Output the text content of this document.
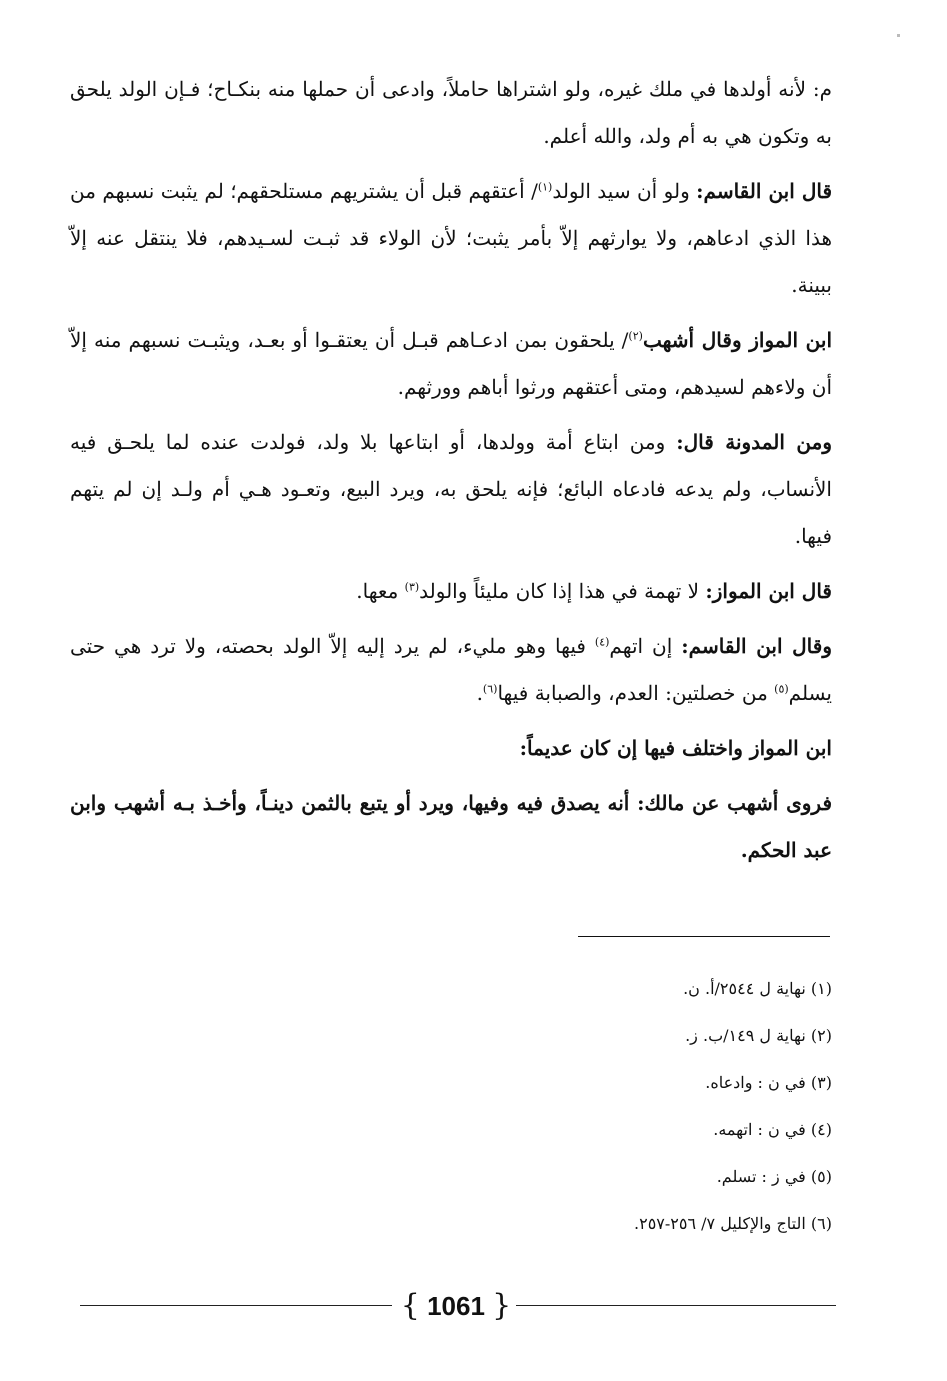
م: لأنه أولدها في ملك غيره، ولو اشتراها حاملاً، وادعى أن حملها منه بنكـاح؛ فـإن الولد يلحق به وتكون هي به أم ولد، والله أعلم.

قال ابن القاسم: ولو أن سيد الولد$^{(١)}$/ أعتقهم قبل أن يشتريهم مستلحقهم؛ لم يثبت نسبهم من هذا الذي ادعاهم، ولا يوارثهم إلاّ بأمر يثبت؛ لأن الولاء قد ثبـت لسـيدهم، فلا ينتقل عنه إلاّ ببينة.

ابن المواز وقال أشهب$^{(٢)}$/ يلحقون بمن ادعـاهم قبـل أن يعتقـوا أو بعـد، ويثبـت نسبهم منه إلاّ أن ولاءهم لسيدهم، ومتى أعتقهم ورثوا أباهم وورثهم.

ومن المدونة قال: ومن ابتاع أمة وولدها، أو ابتاعها بلا ولد، فولدت عنده لما يلحـق فيه الأنساب، ولم يدعه فادعاه البائع؛ فإنه يلحق به، ويرد البيع، وتعـود هـي أم ولـد إن لم يتهم فيها.

قال ابن المواز: لا تهمة في هذا إذا كان مليئاً والولد$^{(٣)}$ معها.

وقال ابن القاسم: إن اتهم$^{(٤)}$ فيها وهو مليء، لم يرد إليه إلاّ الولد بحصته، ولا ترد هي حتى يسلم$^{(٥)}$ من خصلتين: العدم، والصبابة فيها$^{(٦)}$.

ابن المواز واختلف فيها إن كان عديماً:

فروى أشهب عن مالك: أنه يصدق فيه وفيها، ويرد أو يتبع بالثمن دينـاً، وأخـذ بـه أشهب وابن عبد الحكم.

(١) نهاية ل ٢٥٤٤/أ. ن.

(٢) نهاية ل ١٤٩/ب. ز.

(٣) في ن : وادعاه.

(٤) في ن : اتهمه.

(٥) في ز : تسلم.

(٦) التاج والإكليل ٧/ ٢٥٦-٢٥٧.

{ 1061 }
